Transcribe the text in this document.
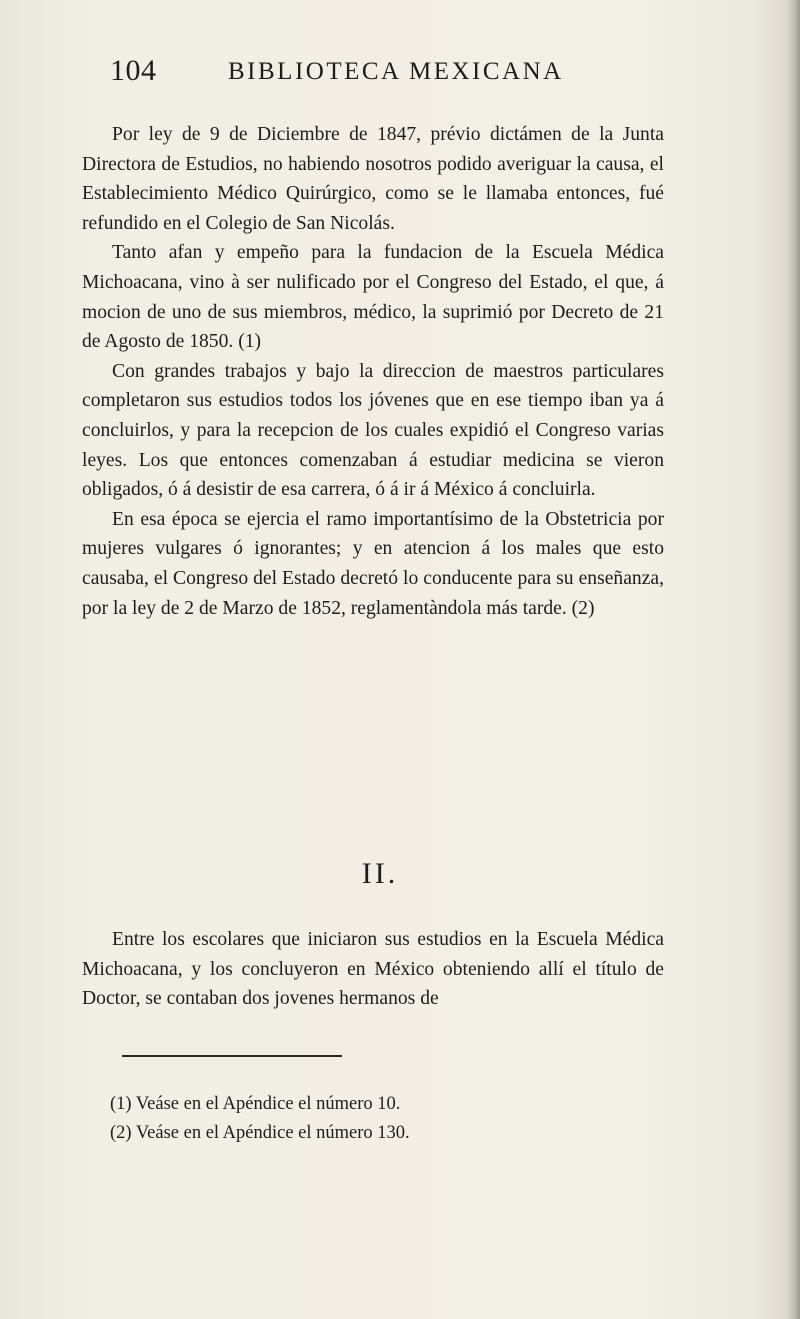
104	BIBLIOTECA MEXICANA

Por ley de 9 de Diciembre de 1847, prévio dictámen de la Junta Directora de Estudios, no habiendo nosotros podido averiguar la causa, el Establecimiento Médico Quirúrgico, como se le llamaba entonces, fué refundido en el Colegio de San Nicolás.

Tanto afan y empeño para la fundacion de la Escuela Médica Michoacana, vino à ser nulificado por el Congreso del Estado, el que, á mocion de uno de sus miembros, médico, la suprimió por Decreto de 21 de Agosto de 1850. (1)

Con grandes trabajos y bajo la direccion de maestros particulares completaron sus estudios todos los jóvenes que en ese tiempo iban ya á concluirlos, y para la recepcion de los cuales expidió el Congreso varias leyes. Los que entonces comenzaban á estudiar medicina se vieron obligados, ó á desistir de esa carrera, ó á ir á México á concluirla.

En esa época se ejercia el ramo importantísimo de la Obstetricia por mujeres vulgares ó ignorantes; y en atencion á los males que esto causaba, el Congreso del Estado decretó lo conducente para su enseñanza, por la ley de 2 de Marzo de 1852, reglamentàndola más tarde. (2)

II.

Entre los escolares que iniciaron sus estudios en la Escuela Médica Michoacana, y los concluyeron en México obteniendo allí el título de Doctor, se contaban dos jovenes hermanos de

(1) Veáse en el Apéndice el número 10.
(2) Veáse en el Apéndice el número 130.
